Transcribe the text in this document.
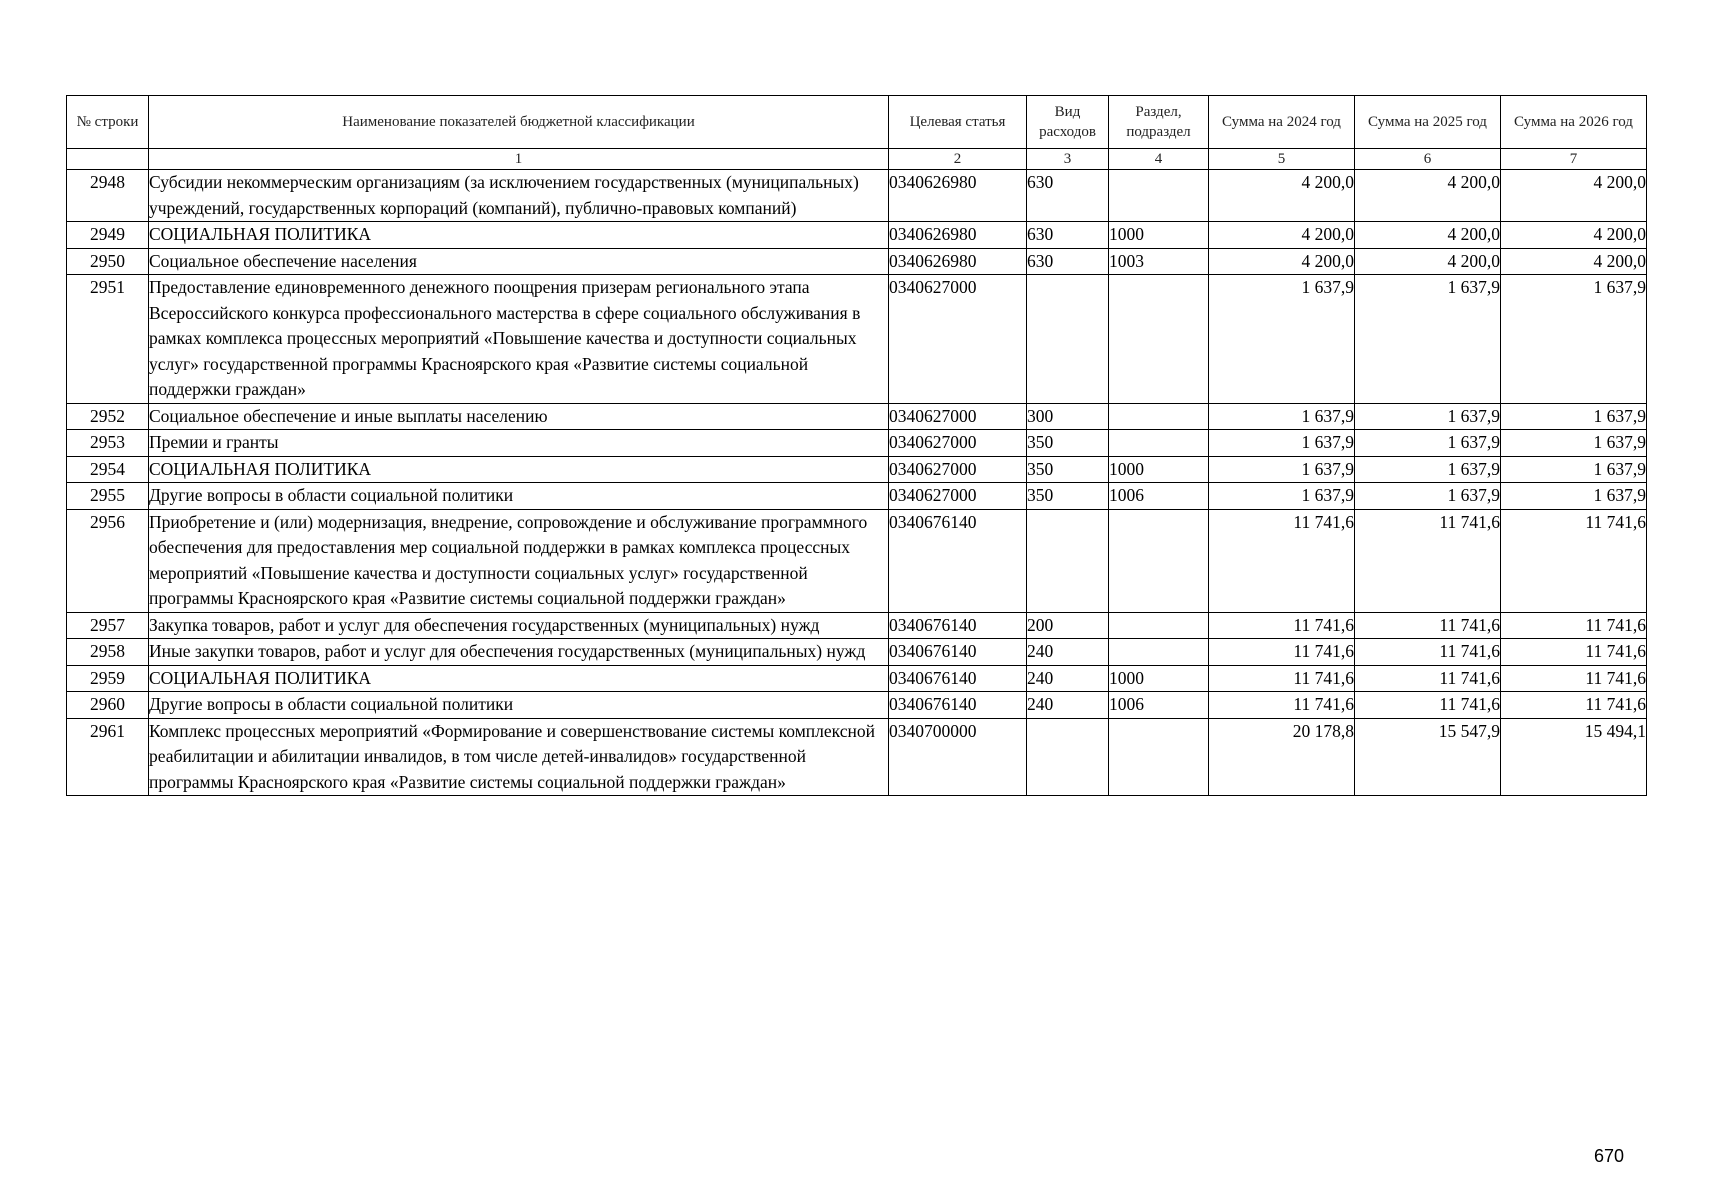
№ строки	Наименование показателей бюджетной классификации	Целевая статья	Вид расходов	Раздел, подраздел	Сумма на 2024 год	Сумма на 2025 год	Сумма на 2026 год
	1	2	3	4	5	6	7
2948	Субсидии некоммерческим организациям (за исключением государственных (муниципальных) учреждений, государственных корпораций (компаний), публично-правовых компаний)	0340626980	630		4 200,0	4 200,0	4 200,0
2949	СОЦИАЛЬНАЯ ПОЛИТИКА	0340626980	630	1000	4 200,0	4 200,0	4 200,0
2950	Социальное обеспечение населения	0340626980	630	1003	4 200,0	4 200,0	4 200,0
2951	Предоставление единовременного денежного поощрения призерам регионального этапа Всероссийского конкурса профессионального мастерства в сфере социального обслуживания в рамках комплекса процессных мероприятий «Повышение качества и доступности социальных услуг» государственной программы Красноярского края «Развитие системы социальной поддержки граждан»	0340627000			1 637,9	1 637,9	1 637,9
2952	Социальное обеспечение и иные выплаты населению	0340627000	300		1 637,9	1 637,9	1 637,9
2953	Премии и гранты	0340627000	350		1 637,9	1 637,9	1 637,9
2954	СОЦИАЛЬНАЯ ПОЛИТИКА	0340627000	350	1000	1 637,9	1 637,9	1 637,9
2955	Другие вопросы в области социальной политики	0340627000	350	1006	1 637,9	1 637,9	1 637,9
2956	Приобретение и (или) модернизация, внедрение, сопровождение и обслуживание программного обеспечения для предоставления мер социальной поддержки в рамках комплекса процессных мероприятий «Повышение качества и доступности социальных услуг» государственной программы Красноярского края «Развитие системы социальной поддержки граждан»	0340676140			11 741,6	11 741,6	11 741,6
2957	Закупка товаров, работ и услуг для обеспечения государственных (муниципальных) нужд	0340676140	200		11 741,6	11 741,6	11 741,6
2958	Иные закупки товаров, работ и услуг для обеспечения государственных (муниципальных) нужд	0340676140	240		11 741,6	11 741,6	11 741,6
2959	СОЦИАЛЬНАЯ ПОЛИТИКА	0340676140	240	1000	11 741,6	11 741,6	11 741,6
2960	Другие вопросы в области социальной политики	0340676140	240	1006	11 741,6	11 741,6	11 741,6
2961	Комплекс процессных мероприятий «Формирование и совершенствование системы комплексной реабилитации и абилитации инвалидов, в том числе детей-инвалидов» государственной программы Красноярского края «Развитие системы социальной поддержки граждан»	0340700000			20 178,8	15 547,9	15 494,1
670
